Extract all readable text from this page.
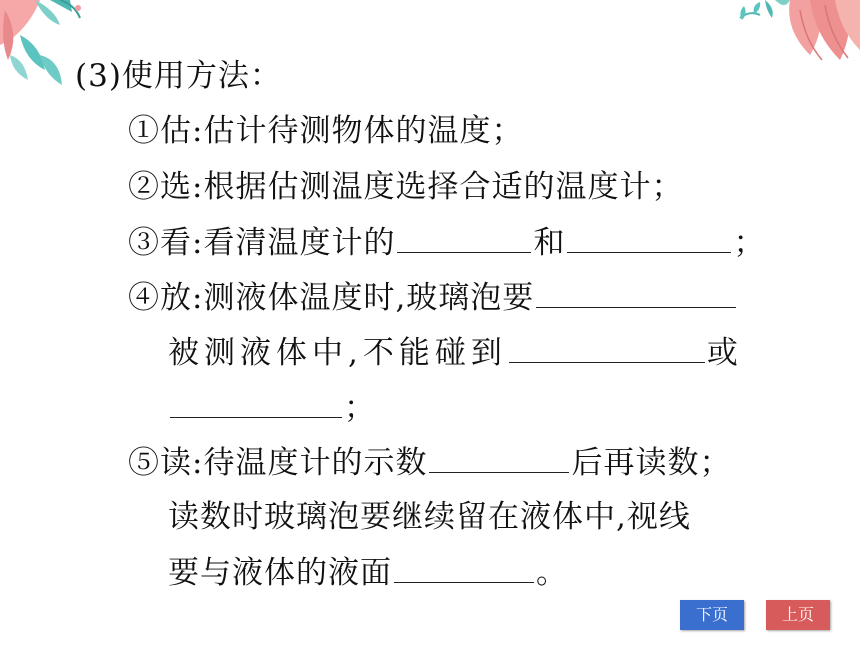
(3)使用方法：
①估:估计待测物体的温度；
②选:根据估测温度选择合适的温度计；
③看:看清温度计的	和	；
④放:测液体温度时,玻璃泡要
被测液体中,不能碰到	或
；
⑤读:待温度计的示数	后再读数；
读数时玻璃泡要继续留在液体中,视线
要与液体的液面	。
下页	上页
